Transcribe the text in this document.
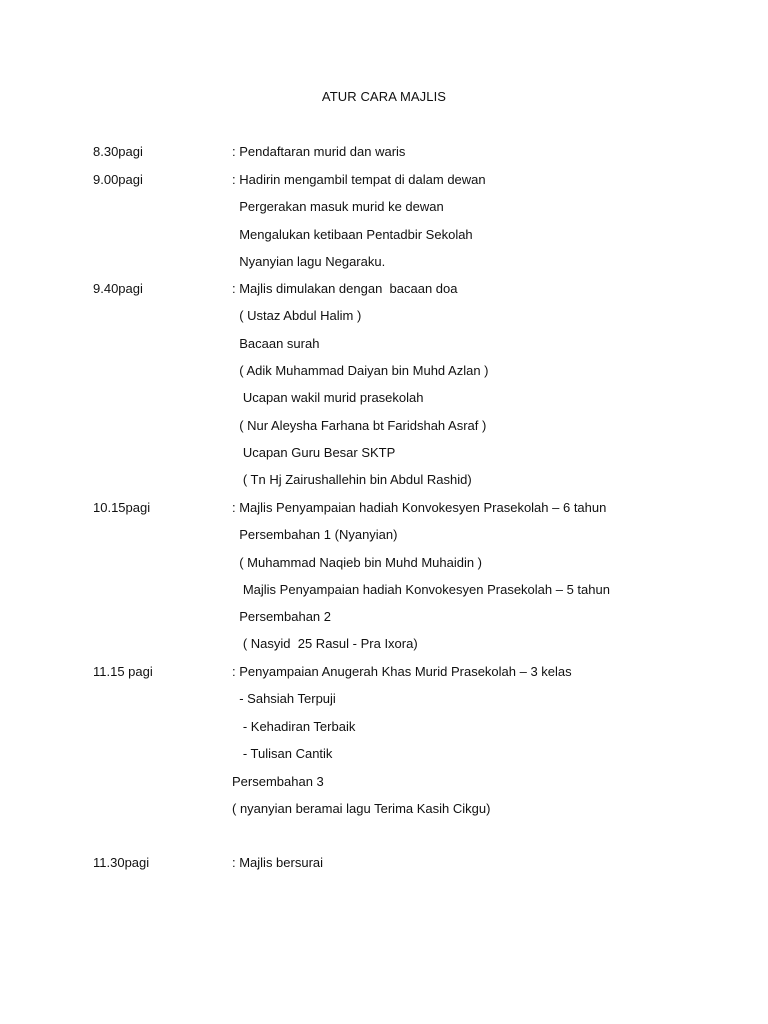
ATUR CARA MAJLIS
8.30pagi	: Pendaftaran murid dan waris
9.00pagi	: Hadirin mengambil tempat di dalam dewan
Pergerakan masuk murid ke dewan
Mengalukan ketibaan Pentadbir Sekolah
Nyanyian lagu Negaraku.
9.40pagi	: Majlis dimulakan dengan  bacaan doa
( Ustaz Abdul Halim )
Bacaan surah
( Adik Muhammad Daiyan bin Muhd Azlan )
Ucapan wakil murid prasekolah
( Nur Aleysha Farhana bt Faridshah Asraf )
Ucapan Guru Besar SKTP
( Tn Hj Zairushallehin bin Abdul Rashid)
10.15pagi	: Majlis Penyampaian hadiah Konvokesyen Prasekolah – 6 tahun
Persembahan 1 (Nyanyian)
( Muhammad Naqieb bin Muhd Muhaidin )
Majlis Penyampaian hadiah Konvokesyen Prasekolah – 5 tahun
Persembahan 2
( Nasyid  25 Rasul - Pra Ixora)
11.15 pagi	: Penyampaian Anugerah Khas Murid Prasekolah – 3 kelas
- Sahsiah Terpuji
- Kehadiran Terbaik
- Tulisan Cantik
Persembahan 3
( nyanyian beramai lagu Terima Kasih Cikgu)
11.30pagi	: Majlis bersurai
